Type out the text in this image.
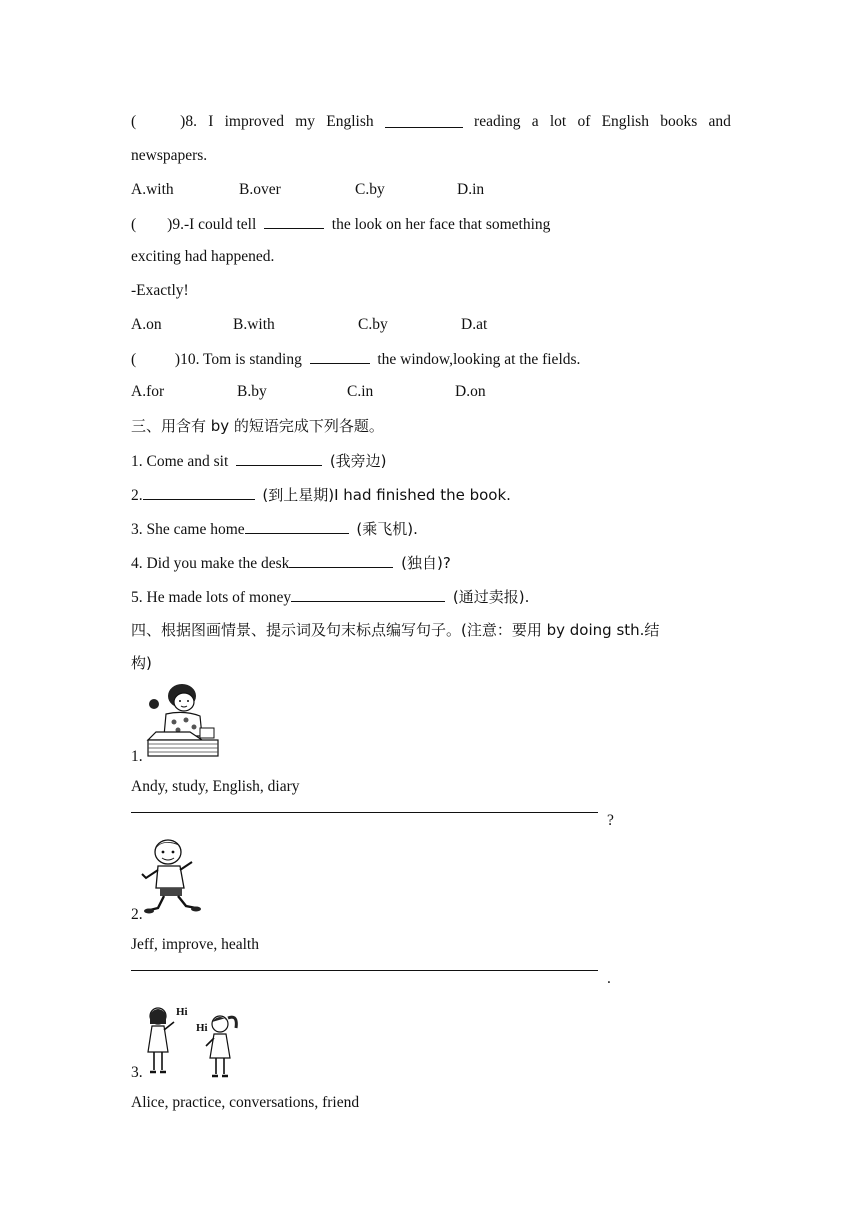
(	)8. I improved my English	reading a lot of English books and
newspapers.
A.with	B.over	C.by	D.in
(        )9.-I could tell	the look on her face that something
exciting had happened.
-Exactly!
A.on	B.with	C.by	D.at
(          )10. Tom is standing	the window,looking at the fields.
A.for	B.by	C.in	D.on
三、用含有 by 的短语完成下列各题。
1. Come and sit	(我旁边)
2.	(到上星期)I had finished the book.
3. She came home	(乘飞机).
4. Did you make the desk	(独自)?
5. He made lots of money	(通过卖报).
四、根据图画情景、提示词及句末标点编写句子。(注意：要用 by doing sth.结
构)
1.
Andy, study, English, diary
?
2.
Jeff, improve, health
.
Hi
Hi
3.
Alice, practice, conversations, friend
